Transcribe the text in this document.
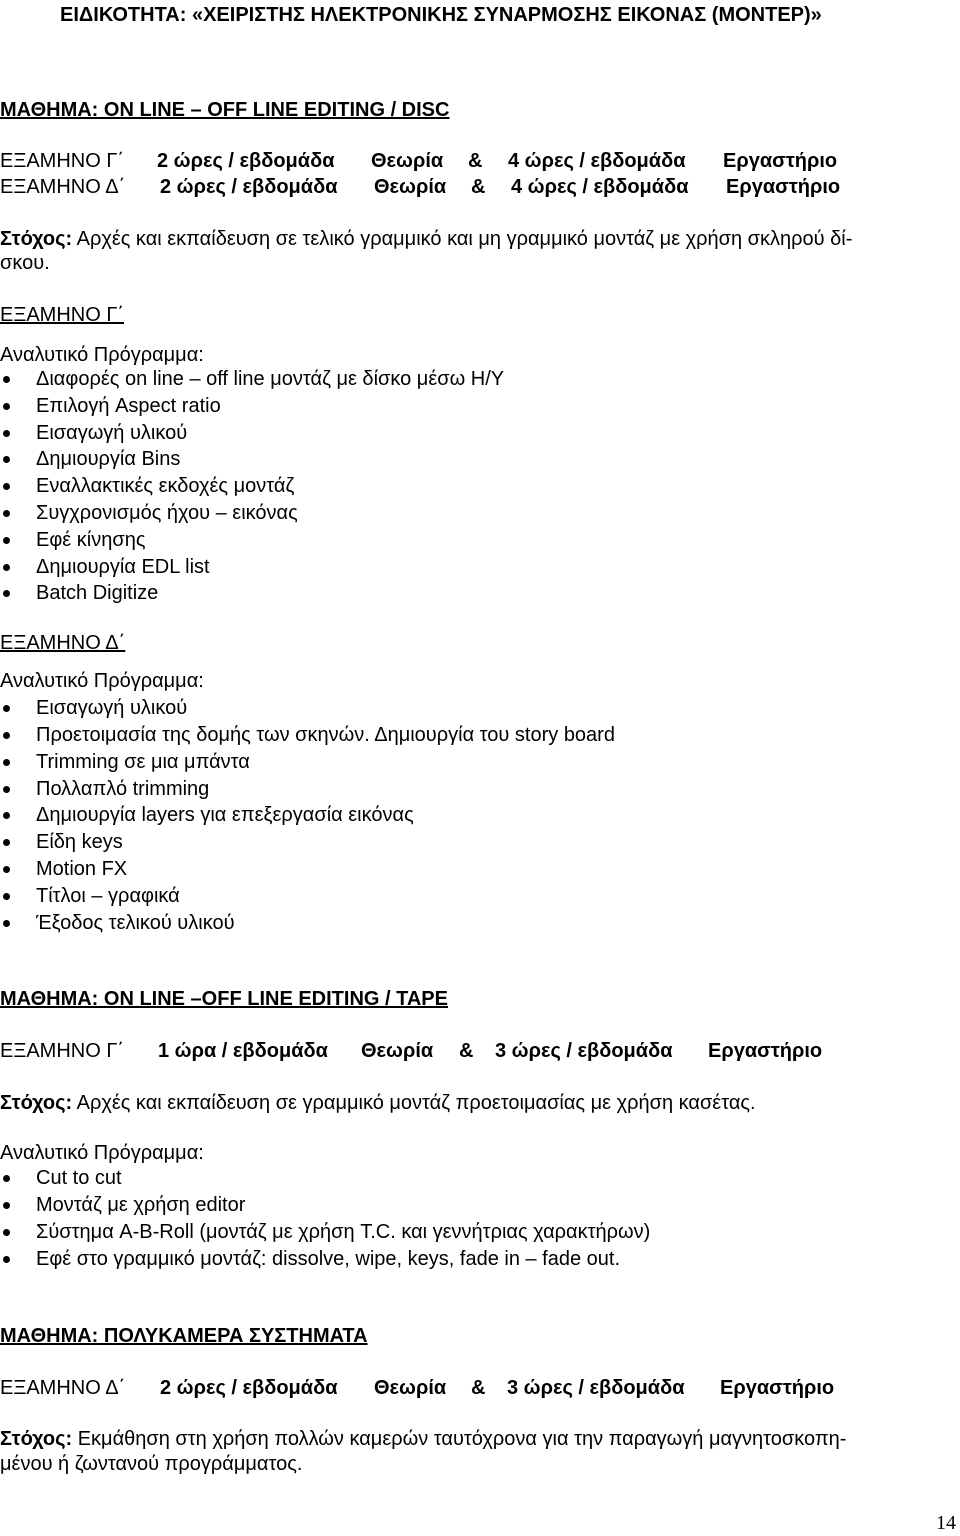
ΕΙΔΙΚΟΤΗΤΑ: «ΧΕΙΡΙΣΤΗΣ ΗΛΕΚΤΡΟΝΙΚΗΣ ΣΥΝΑΡΜΟΣΗΣ ΕΙΚΟΝΑΣ (ΜΟΝΤΕΡ)»
ΜΑΘΗΜΑ: ON LINE – OFF LINE EDITING / DISC
ΕΞΑΜΗΝΟ Γ΄ 2 ώρες / εβδομάδα Θεωρία & 4 ώρες / εβδομάδα Εργαστήριο
ΕΞΑΜΗΝΟ Δ΄ 2 ώρες / εβδομάδα Θεωρία & 4 ώρες / εβδομάδα Εργαστήριο
Στόχος: Αρχές και εκπαίδευση σε τελικό γραμμικό και μη γραμμικό μοντάζ με χρήση σκληρού δί-
σκου.
ΕΞΑΜΗΝΟ Γ΄
Αναλυτικό Πρόγραμμα:
Διαφορές on line – off line μοντάζ με δίσκο μέσω Η/Υ
Επιλογή Aspect ratio
Εισαγωγή υλικού
Δημιουργία Bins
Εναλλακτικές εκδοχές μοντάζ
Συγχρονισμός ήχου – εικόνας
Εφέ κίνησης
Δημιουργία EDL list
Batch Digitize
ΕΞΑΜΗΝΟ Δ΄
Αναλυτικό Πρόγραμμα:
Εισαγωγή υλικού
Προετοιμασία της δομής των σκηνών. Δημιουργία του story board
Trimming σε μια μπάντα
Πολλαπλό trimming
Δημιουργία layers για επεξεργασία εικόνας
Είδη keys
Motion FX
Τίτλοι – γραφικά
Έξοδος τελικού υλικού
ΜΑΘΗΜΑ: ON LINE –OFF LINE EDITING / TAPE
ΕΞΑΜΗΝΟ Γ΄ 1 ώρα / εβδομάδα Θεωρία & 3 ώρες / εβδομάδα Εργαστήριο
Στόχος: Αρχές και εκπαίδευση σε γραμμικό μοντάζ προετοιμασίας με χρήση κασέτας.
Αναλυτικό Πρόγραμμα:
Cut to cut
Μοντάζ με χρήση editor
Σύστημα A-B-Roll (μοντάζ με χρήση T.C. και γεννήτριας χαρακτήρων)
Εφέ στο γραμμικό μοντάζ: dissolve, wipe, keys, fade in – fade out.
ΜΑΘΗΜΑ: ΠΟΛΥΚΑΜΕΡΑ ΣΥΣΤΗΜΑΤΑ
ΕΞΑΜΗΝΟ Δ΄ 2 ώρες / εβδομάδα Θεωρία & 3 ώρες / εβδομάδα Εργαστήριο
Στόχος: Εκμάθηση στη χρήση πολλών καμερών ταυτόχρονα για την παραγωγή μαγνητοσκοπη-
μένου ή ζωντανού προγράμματος.
14
